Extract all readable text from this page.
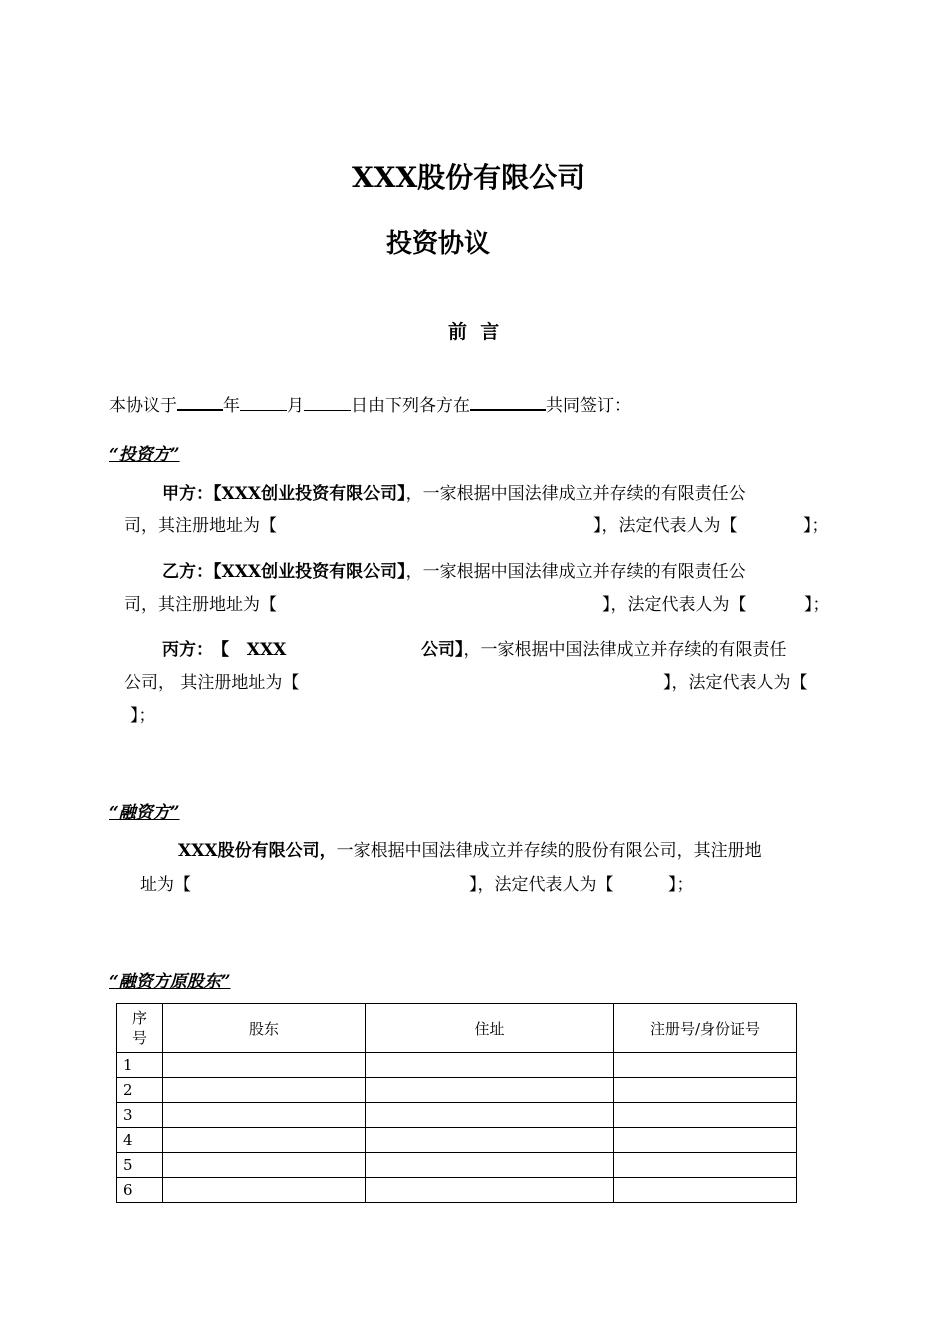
XXX股份有限公司
投资协议
前  言
本协议于	年	月	日由下列各方在	共同签订：
“投资方”
甲方：【XXX创业投资有限公司】，一家根据中国法律成立并存续的有限责任公
司，其注册地址为【	】，法定代表人为【	】；
乙方：【XXX创业投资有限公司】，一家根据中国法律成立并存续的有限责任公
司，其注册地址为【	】，法定代表人为【	】；
丙方： 【   XXX	公司】，一家根据中国法律成立并存续的有限责任
公司， 其注册地址为【	】，法定代表人为【
】；
“融资方”
XXX股份有限公司，一家根据中国法律成立并存续的股份有限公司，其注册地
址为【	】，法定代表人为【	】；
“融资方原股东”
序
号	股东	住址	注册号/身份证号
1			
2			
3			
4			
5			
6			
